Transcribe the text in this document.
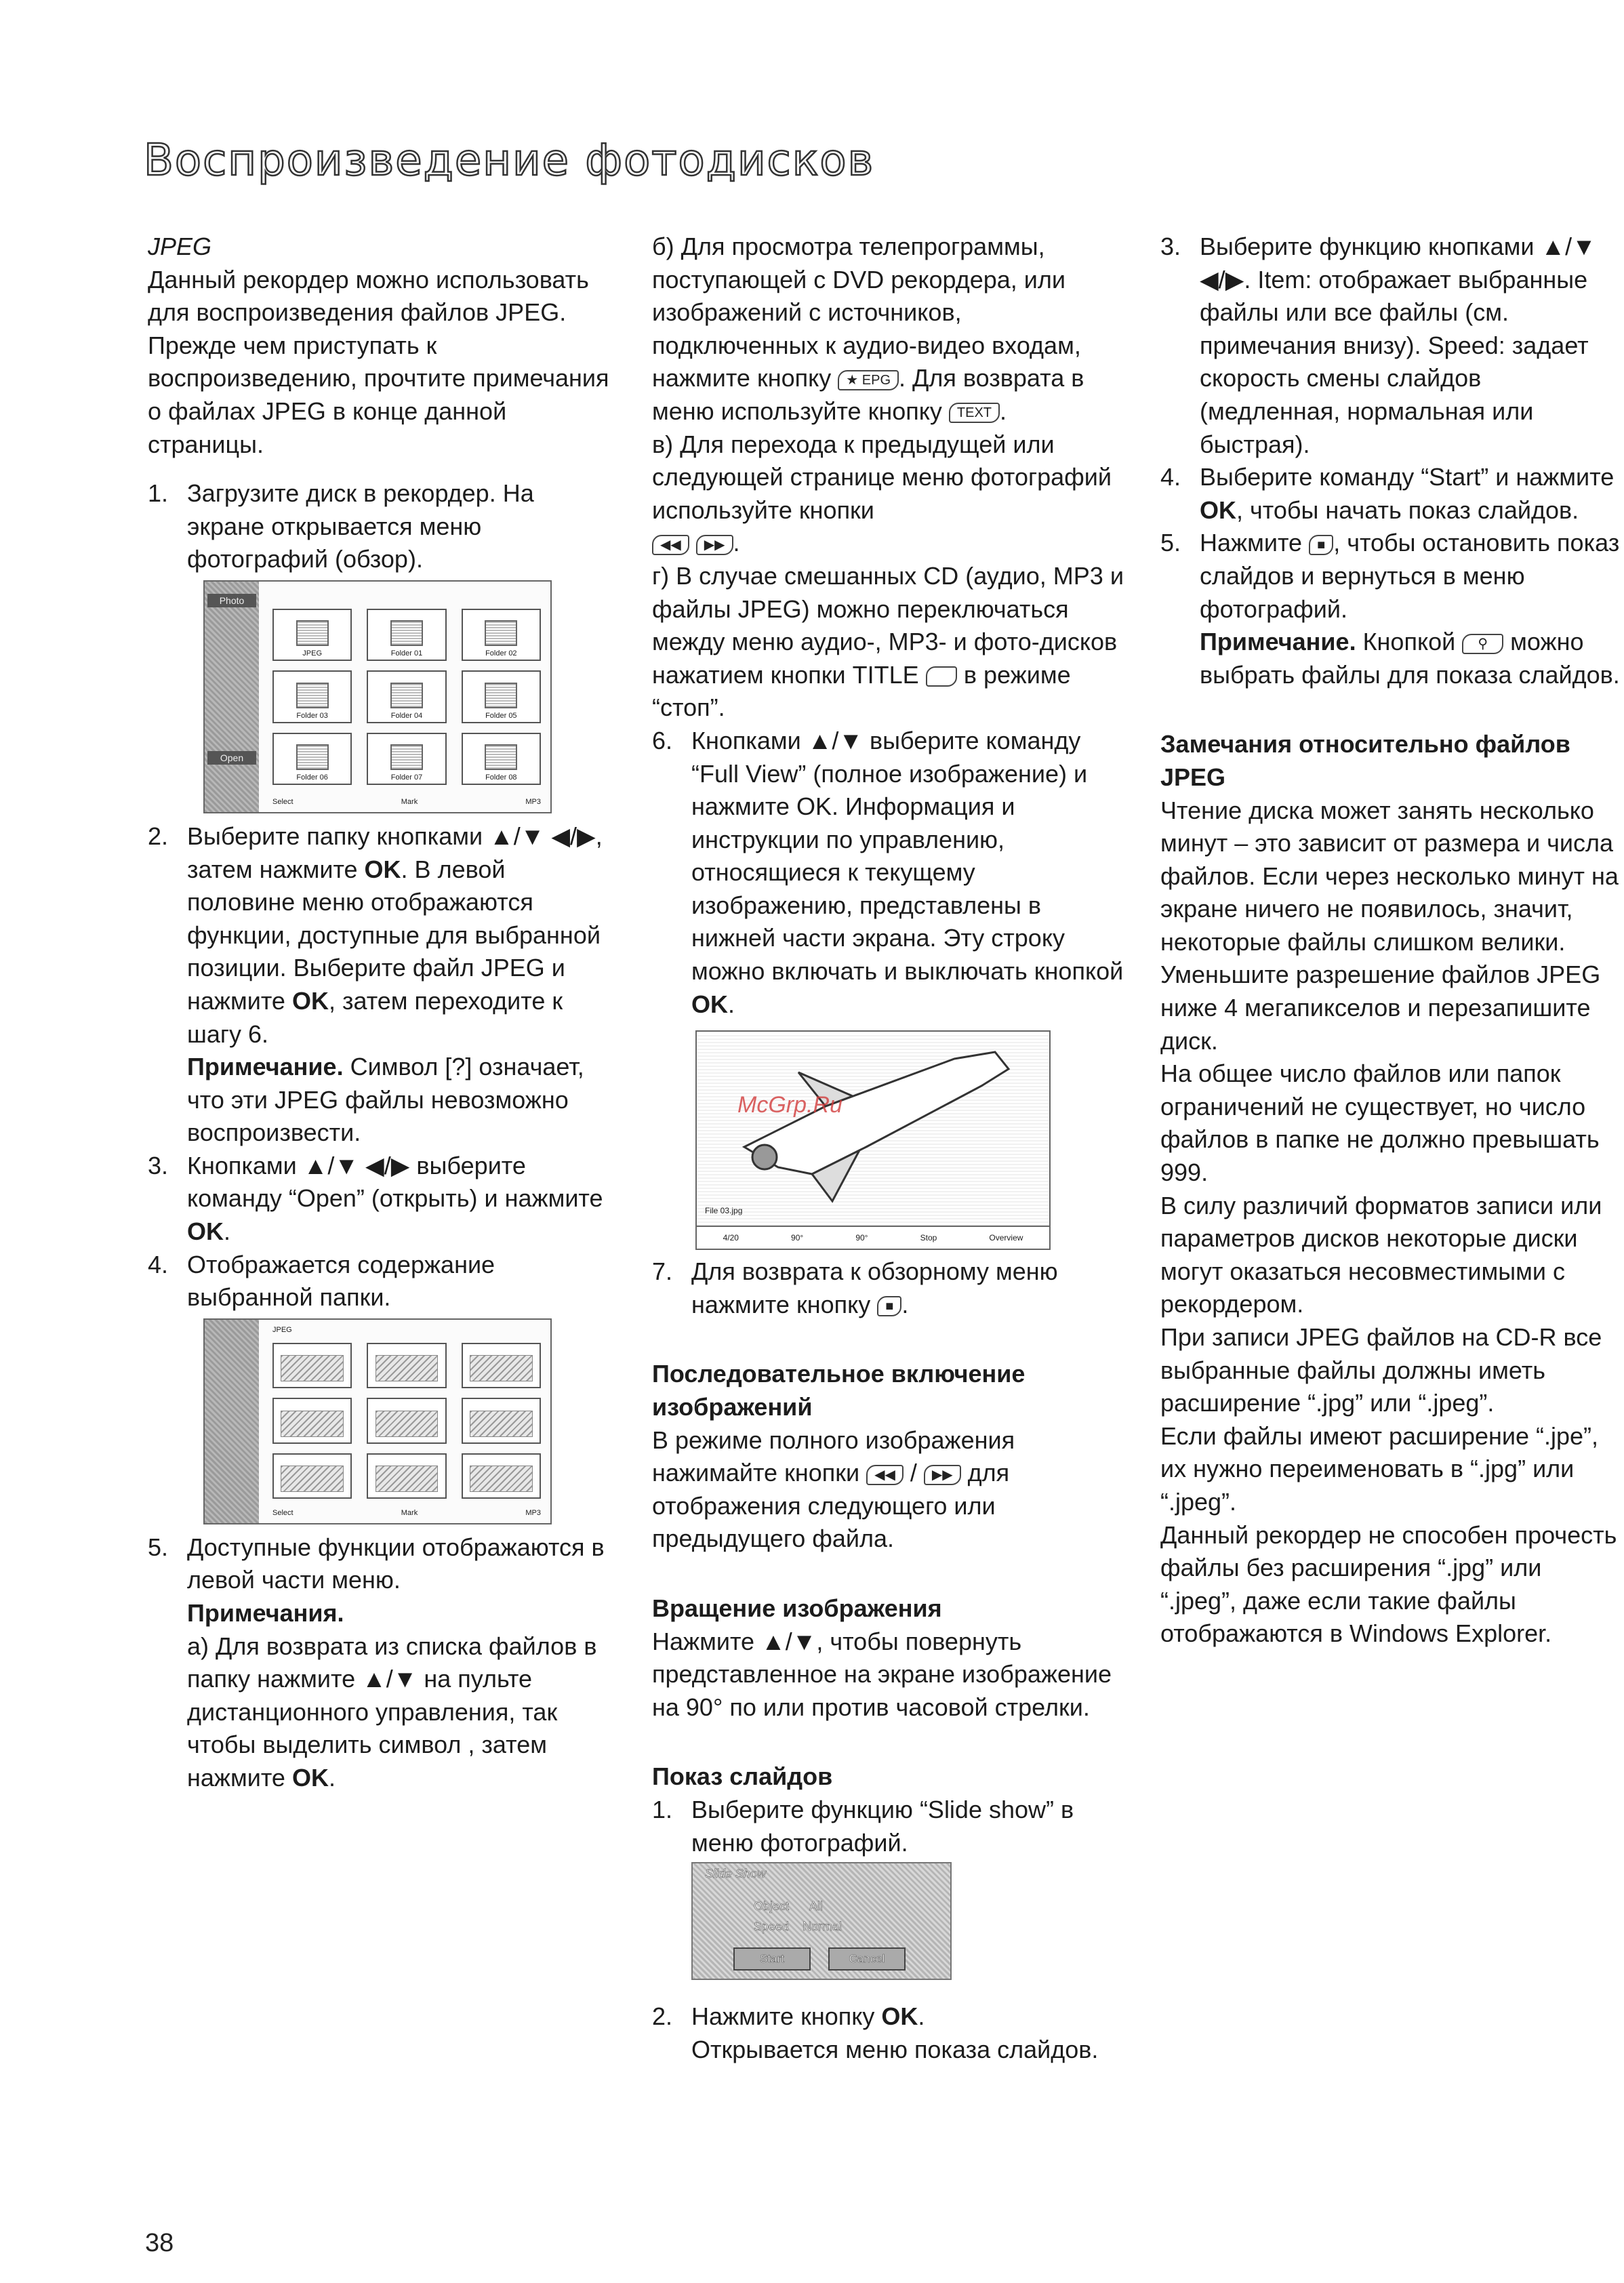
Воспроизведение фотодисков

JPEG

Данный рекордер можно использовать для воспроизведения файлов JPEG. Прежде чем приступать к воспроизведению, прочтите примечания о файлах JPEG в конце данной страницы.

1. Загрузите диск в рекордер. На экране открывается меню фотографий (обзор).
Photo
Open
JPEG	Folder 01	Folder 02
Folder 03	Folder 04	Folder 05
Folder 06	Folder 07	Folder 08
Select	Mark	MP3
2. Выберите папку кнопками ▲/▼ ◀/▶, затем нажмите OK. В левой половине меню отображаются функции, доступные для выбранной позиции. Выберите файл JPEG и нажмите OK, затем переходите к шагу 6.

Примечание. Символ [?] означает, что эти JPEG файлы невозможно воспроизвести.

3. Кнопками ▲/▼ ◀/▶ выберите команду “Open” (открыть) и нажмите OK.
4. Отображается содержание выбранной папки.
JPEG
Select	Mark	MP3
5. Доступные функции отображаются в левой части меню.

Примечания.

а) Для возврата из списка файлов в папку нажмите ▲/▼ на пульте дистанционного управления, так чтобы выделить символ , затем нажмите OK.

б) Для просмотра телепрограммы, поступающей с DVD рекордера, или изображений с источников, подключенных к аудио-видео входам, нажмите кнопку ★ EPG . Для возврата в меню используйте кнопку TEXT .

в) Для перехода к предыдущей или следующей странице меню фотографий используйте кнопки
◀◀ ▶▶ .

г) В случае смешанных CD (аудио, MP3 и файлы JPEG) можно переключаться между меню аудио-, MP3- и фото-дисков нажатием кнопки TITLE в режиме “стоп”.

6. Кнопками ▲/▼ выберите команду “Full View” (полное изображение) и нажмите OK. Информация и инструкции по управлению, относящиеся к текущему изображению, представлены в нижней части экрана. Эту строку можно включать и выключать кнопкой OK.
McGrp.Ru
File 03.jpg
4/20	90°	90°	Stop	Overview
7. Для возврата к обзорному меню нажмите кнопку ■ .

Последовательное включение изображений

В режиме полного изображения нажимайте кнопки ◀◀ / ▶▶ для отображения следующего или предыдущего файла.

Вращение изображения

Нажмите ▲/▼, чтобы повернуть представленное на экране изображение на 90° по или против часовой стрелки.

Показ слайдов

1. Выберите функцию “Slide show” в меню фотографий.
Slide Show
Object All
Speed Normal
Start	Cancel
2. Нажмите кнопку OK.

Открывается меню показа слайдов.

3. Выберите функцию кнопками ▲/▼ ◀/▶. Item: отображает выбранные файлы или все файлы (см. примечания внизу). Speed: задает скорость смены слайдов (медленная, нормальная или быстрая).
4. Выберите команду “Start” и нажмите OK, чтобы начать показ слайдов.
5. Нажмите ■ , чтобы остановить показ слайдов и вернуться в меню фотографий.

Примечание. Кнопкой   ⚲   можно выбрать файлы для показа слайдов.

Замечания относительно файлов JPEG

Чтение диска может занять несколько минут – это зависит от размера и числа файлов. Если через несколько минут на экране ничего не появилось, значит, некоторые файлы слишком велики. Уменьшите разрешение файлов JPEG ниже 4 мегапикселов и перезапишите диск.

На общее число файлов или папок ограничений не существует, но число файлов в папке не должно превышать 999.

В силу различий форматов записи или параметров дисков некоторые диски могут оказаться несовместимыми с рекордером.

При записи JPEG файлов на CD-R все выбранные файлы должны иметь расширение “.jpg” или “.jpeg”.

Если файлы имеют расширение “.jpe”, их нужно переименовать в “.jpg” или “.jpeg”.

Данный рекордер не способен прочесть файлы без расширения “.jpg” или “.jpeg”, даже если такие файлы отображаются в Windows Explorer.

38
